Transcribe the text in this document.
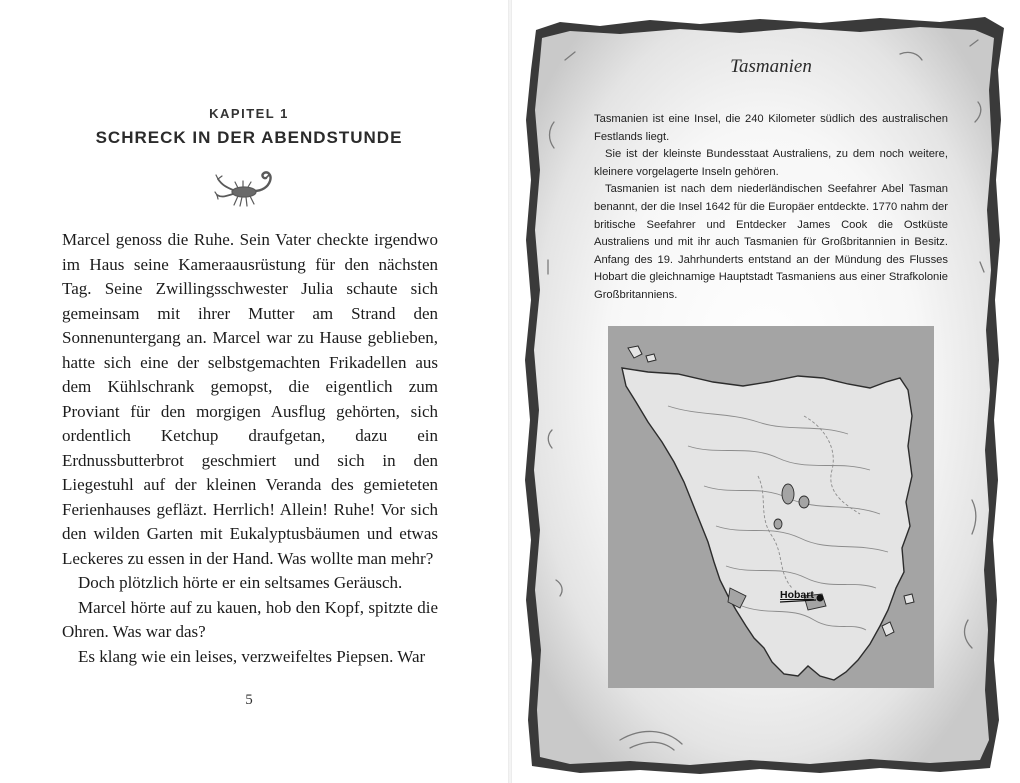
KAPITEL 1
SCHRECK IN DER ABENDSTUNDE

Marcel genoss die Ruhe. Sein Vater checkte irgendwo im Haus seine Kameraausrüstung für den nächsten Tag. Seine Zwillingsschwester Julia schaute sich gemeinsam mit ihrer Mutter am Strand den Sonnenuntergang an. Marcel war zu Hause geblieben, hatte sich eine der selbstgemachten Frikadellen aus dem Kühlschrank gemopst, die eigentlich zum Proviant für den morgigen Ausflug gehörten, sich ordentlich Ketchup draufgetan, dazu ein Erdnussbutterbrot geschmiert und sich in den Liegestuhl auf der kleinen Veranda des gemieteten Ferienhauses gefläzt. Herrlich! Allein! Ruhe! Vor sich den wilden Garten mit Eukalyptusbäumen und etwas Leckeres zu essen in der Hand. Was wollte man mehr?

Doch plötzlich hörte er ein seltsames Geräusch.

Marcel hörte auf zu kauen, hob den Kopf, spitzte die Ohren. Was war das?

Es klang wie ein leises, verzweifeltes Piepsen. War

5
Tasmanien

Tasmanien ist eine Insel, die 240 Kilometer südlich des australischen Festlands liegt.

Sie ist der kleinste Bundesstaat Australiens, zu dem noch weitere, kleinere vorgelagerte Inseln gehören.

Tasmanien ist nach dem niederländischen Seefahrer Abel Tasman benannt, der die Insel 1642 für die Europäer entdeckte. 1770 nahm der britische Seefahrer und Entdecker James Cook die Ostküste Australiens und mit ihr auch Tasmanien für Großbritannien in Besitz. Anfang des 19. Jahrhunderts entstand an der Mündung des Flusses Hobart die gleichnamige Hauptstadt Tasmaniens aus einer Strafkolonie Großbritanniens.

Hobart
